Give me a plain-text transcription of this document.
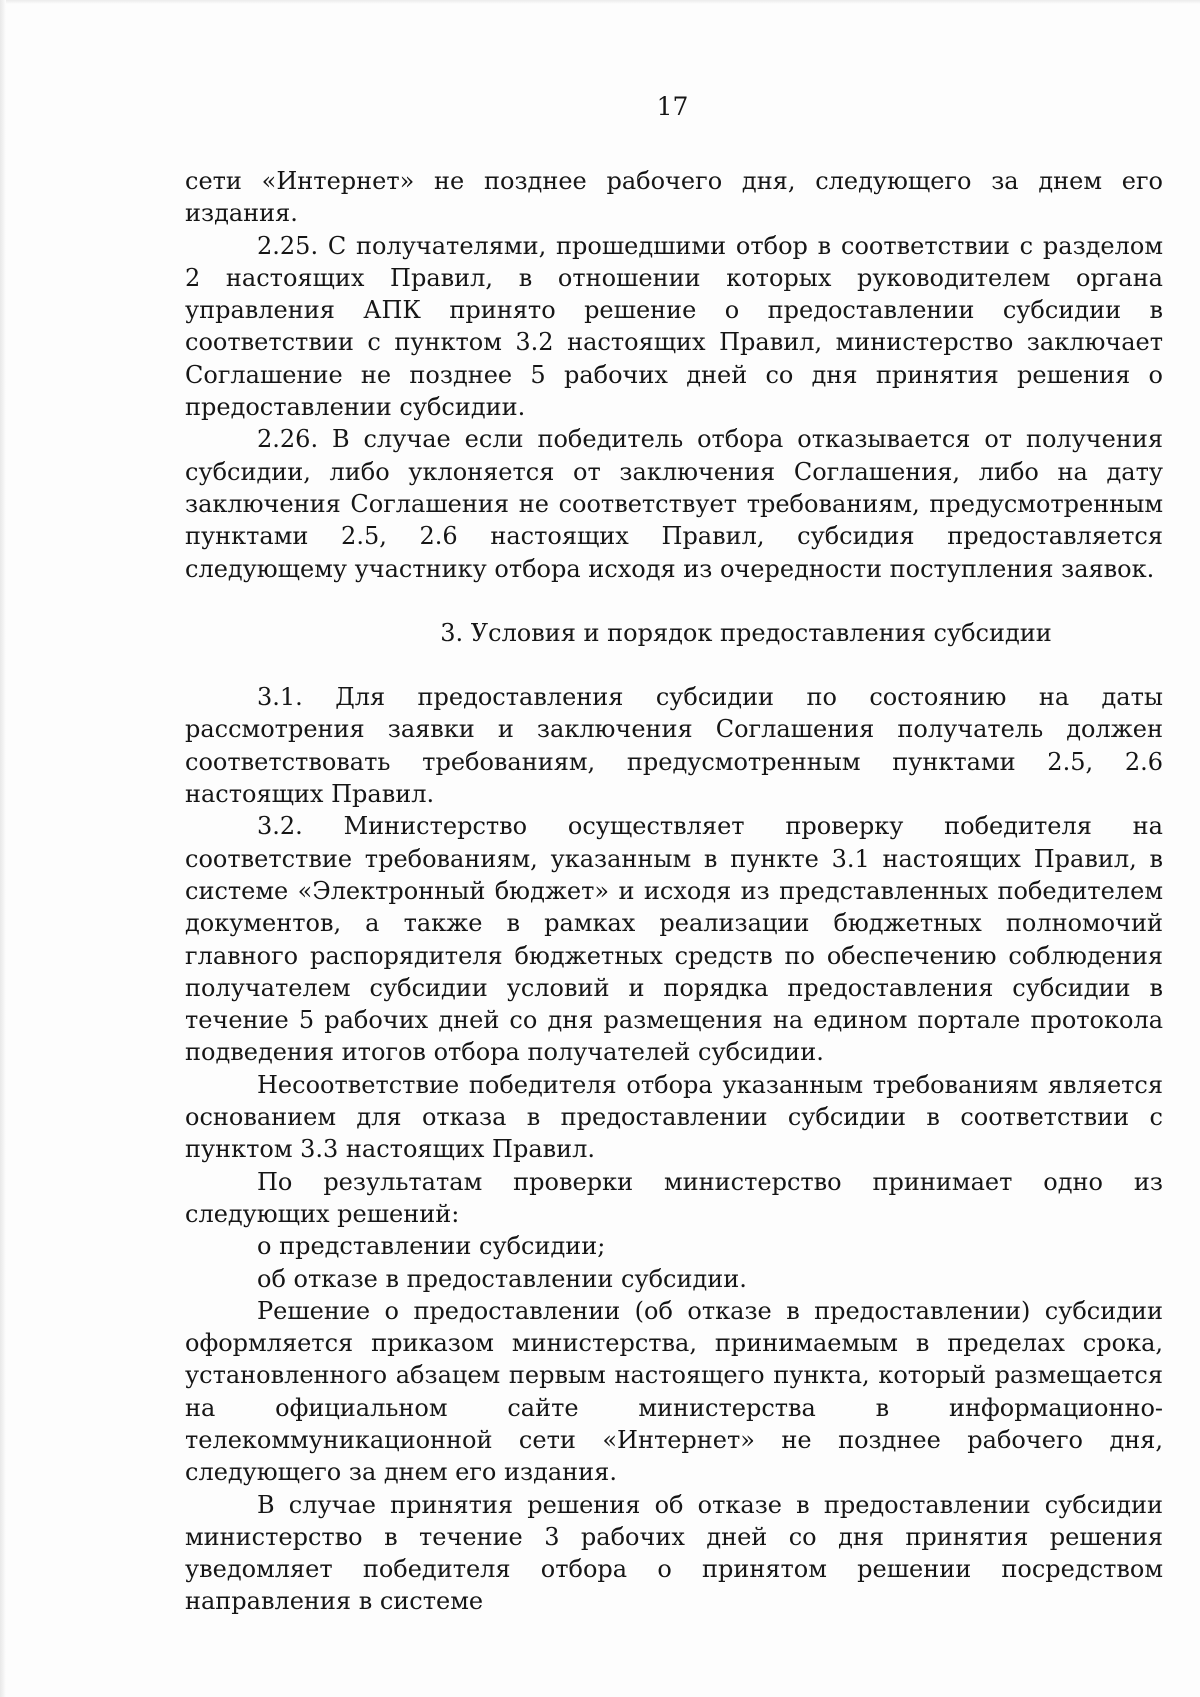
17

сети «Интернет» не позднее рабочего дня, следующего за днем его издания.

2.25. С получателями, прошедшими отбор в соответствии с разделом 2 настоящих Правил, в отношении которых руководителем органа управления АПК принято решение о предоставлении субсидии в соответствии с пунктом 3.2 настоящих Правил, министерство заключает Соглашение не позднее 5 рабочих дней со дня принятия решения о предоставлении субсидии.

2.26. В случае если победитель отбора отказывается от получения субсидии, либо уклоняется от заключения Соглашения, либо на дату заключения Соглашения не соответствует требованиям, предусмотренным пунктами 2.5, 2.6 настоящих Правил, субсидия предоставляется следующему участнику отбора исходя из очередности поступления заявок.

3. Условия и порядок предоставления субсидии

3.1. Для предоставления субсидии по состоянию на даты рассмотрения заявки и заключения Соглашения получатель должен соответствовать требованиям, предусмотренным пунктами 2.5, 2.6 настоящих Правил.

3.2. Министерство осуществляет проверку победителя на соответствие требованиям, указанным в пункте 3.1 настоящих Правил, в системе «Электронный бюджет» и исходя из представленных победителем документов, а также в рамках реализации бюджетных полномочий главного распорядителя бюджетных средств по обеспечению соблюдения получателем субсидии условий и порядка предоставления субсидии в течение 5 рабочих дней со дня размещения на едином портале протокола подведения итогов отбора получателей субсидии.

Несоответствие победителя отбора указанным требованиям является основанием для отказа в предоставлении субсидии в соответствии с пунктом 3.3 настоящих Правил.

По результатам проверки министерство принимает одно из следующих решений:

о представлении субсидии;

об отказе в предоставлении субсидии.

Решение о предоставлении (об отказе в предоставлении) субсидии оформляется приказом министерства, принимаемым в пределах срока, установленного абзацем первым настоящего пункта, который размещается на официальном сайте министерства в информационно-телекоммуникационной сети «Интернет» не позднее рабочего дня, следующего за днем его издания.

В случае принятия решения об отказе в предоставлении субсидии министерство в течение 3 рабочих дней со дня принятия решения уведомляет победителя отбора о принятом решении посредством направления в системе
